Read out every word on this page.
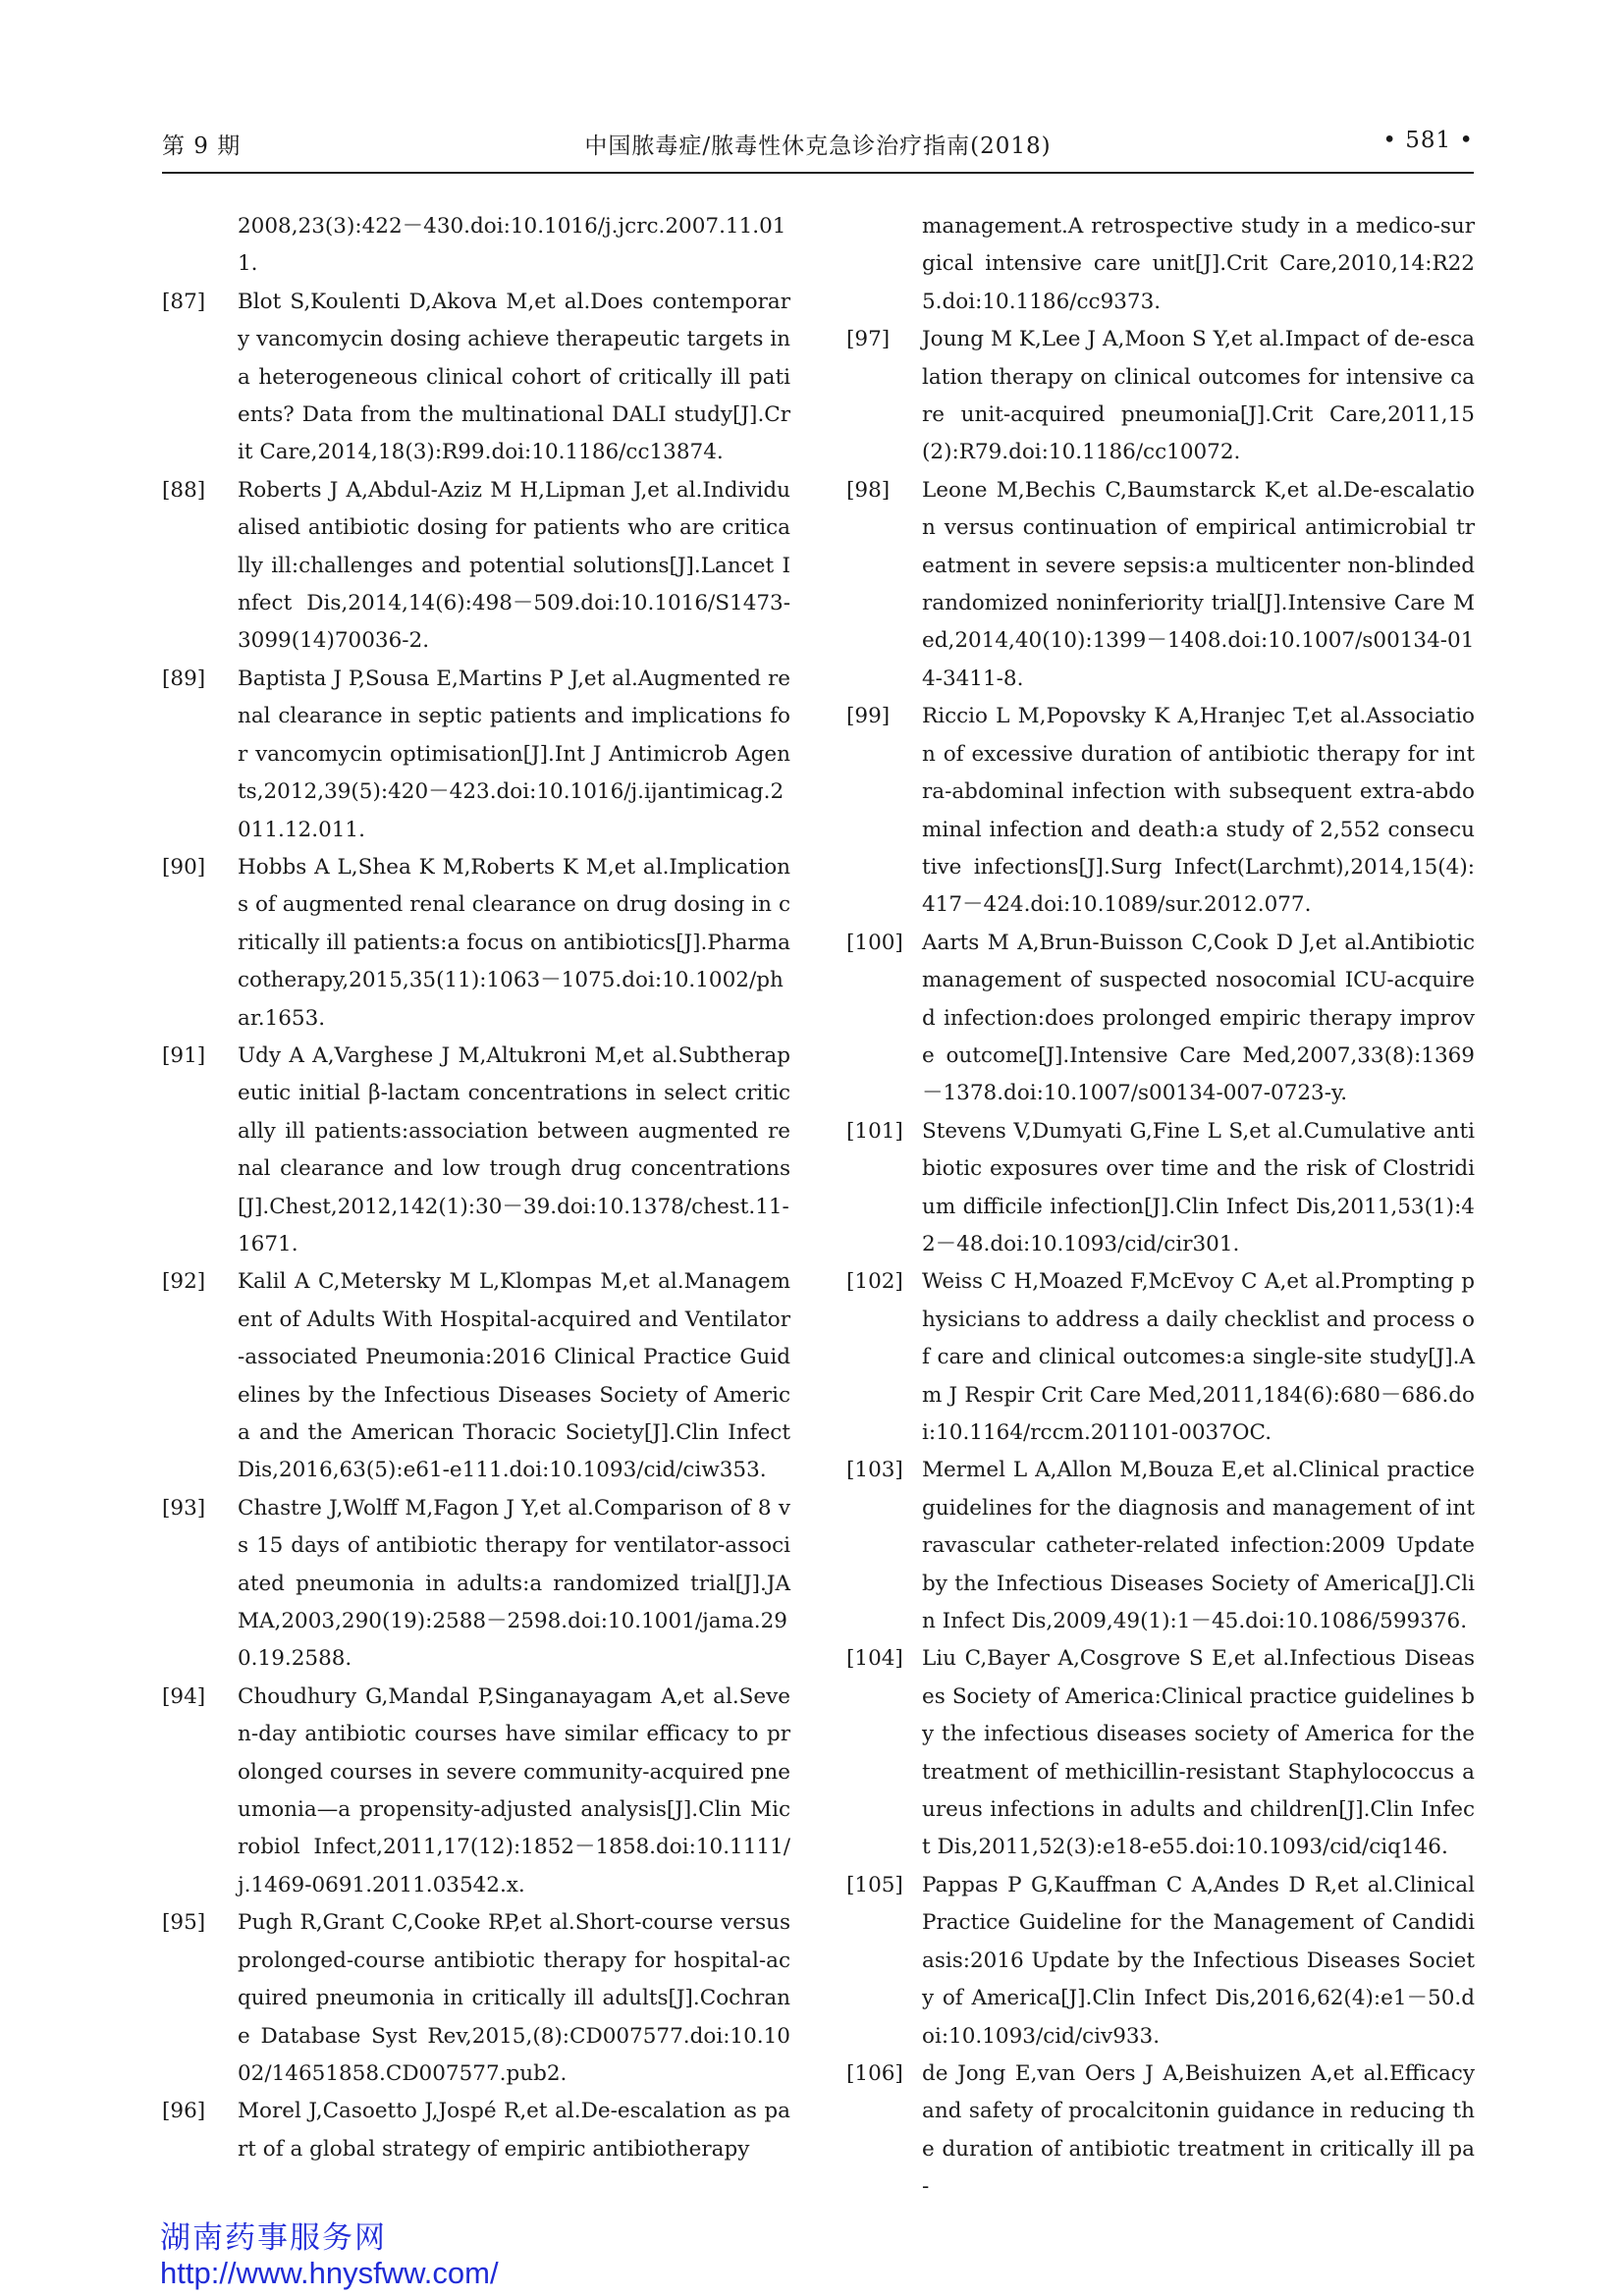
第 9 期	中国脓毒症/脓毒性休克急诊治疗指南(2018)	• 581 •
2008,23(3):422－430.doi:10.1016/j.jcrc.2007.11.011.
[87]	Blot S,Koulenti D,Akova M,et al.Does contemporary vancomycin dosing achieve therapeutic targets in a heterogeneous clinical cohort of critically ill patients? Data from the multinational DALI study[J].Crit Care,2014,18(3):R99.doi:10.1186/cc13874.
[88]	Roberts J A,Abdul-Aziz M H,Lipman J,et al.Individualised antibiotic dosing for patients who are critically ill:challenges and potential solutions[J].Lancet Infect Dis,2014,14(6):498－509.doi:10.1016/S1473-3099(14)70036-2.
[89]	Baptista J P,Sousa E,Martins P J,et al.Augmented renal clearance in septic patients and implications for vancomycin optimisation[J].Int J Antimicrob Agents,2012,39(5):420－423.doi:10.1016/j.ijantimicag.2011.12.011.
[90]	Hobbs A L,Shea K M,Roberts K M,et al.Implications of augmented renal clearance on drug dosing in critically ill patients:a focus on antibiotics[J].Pharmacotherapy,2015,35(11):1063－1075.doi:10.1002/phar.1653.
[91]	Udy A A,Varghese J M,Altukroni M,et al.Subtherapeutic initial β-lactam concentrations in select critically ill patients:association between augmented renal clearance and low trough drug concentrations[J].Chest,2012,142(1):30－39.doi:10.1378/chest.11-1671.
[92]	Kalil A C,Metersky M L,Klompas M,et al.Management of Adults With Hospital-acquired and Ventilator-associated Pneumonia:2016 Clinical Practice Guidelines by the Infectious Diseases Society of America and the American Thoracic Society[J].Clin Infect Dis,2016,63(5):e61-e111.doi:10.1093/cid/ciw353.
[93]	Chastre J,Wolff M,Fagon J Y,et al.Comparison of 8 vs 15 days of antibiotic therapy for ventilator-associated pneumonia in adults:a randomized trial[J].JAMA,2003,290(19):2588－2598.doi:10.1001/jama.290.19.2588.
[94]	Choudhury G,Mandal P,Singanayagam A,et al.Seven-day antibiotic courses have similar efficacy to prolonged courses in severe community-acquired pneumonia—a propensity-adjusted analysis[J].Clin Microbiol Infect,2011,17(12):1852－1858.doi:10.1111/j.1469-0691.2011.03542.x.
[95]	Pugh R,Grant C,Cooke RP,et al.Short-course versus prolonged-course antibiotic therapy for hospital-acquired pneumonia in critically ill adults[J].Cochrane Database Syst Rev,2015,(8):CD007577.doi:10.1002/14651858.CD007577.pub2.
[96]	Morel J,Casoetto J,Jospé R,et al.De-escalation as part of a global strategy of empiric antibiotherapy
management.A retrospective study in a medico-surgical intensive care unit[J].Crit Care,2010,14:R225.doi:10.1186/cc9373.
[97]	Joung M K,Lee J A,Moon S Y,et al.Impact of de-escalation therapy on clinical outcomes for intensive care unit-acquired pneumonia[J].Crit Care,2011,15(2):R79.doi:10.1186/cc10072.
[98]	Leone M,Bechis C,Baumstarck K,et al.De-escalation versus continuation of empirical antimicrobial treatment in severe sepsis:a multicenter non-blinded randomized noninferiority trial[J].Intensive Care Med,2014,40(10):1399－1408.doi:10.1007/s00134-014-3411-8.
[99]	Riccio L M,Popovsky K A,Hranjec T,et al.Association of excessive duration of antibiotic therapy for intra-abdominal infection with subsequent extra-abdominal infection and death:a study of 2,552 consecutive infections[J].Surg Infect(Larchmt),2014,15(4):417－424.doi:10.1089/sur.2012.077.
[100] Aarts M A,Brun-Buisson C,Cook D J,et al.Antibiotic management of suspected nosocomial ICU-acquired infection:does prolonged empiric therapy improve outcome[J].Intensive Care Med,2007,33(8):1369－1378.doi:10.1007/s00134-007-0723-y.
[101] Stevens V,Dumyati G,Fine L S,et al.Cumulative antibiotic exposures over time and the risk of Clostridium difficile infection[J].Clin Infect Dis,2011,53(1):42－48.doi:10.1093/cid/cir301.
[102] Weiss C H,Moazed F,McEvoy C A,et al.Prompting physicians to address a daily checklist and process of care and clinical outcomes:a single-site study[J].Am J Respir Crit Care Med,2011,184(6):680－686.doi:10.1164/rccm.201101-0037OC.
[103] Mermel L A,Allon M,Bouza E,et al.Clinical practice guidelines for the diagnosis and management of intravascular catheter-related infection:2009 Update by the Infectious Diseases Society of America[J].Clin Infect Dis,2009,49(1):1－45.doi:10.1086/599376.
[104] Liu C,Bayer A,Cosgrove S E,et al.Infectious Diseases Society of America:Clinical practice guidelines by the infectious diseases society of America for the treatment of methicillin-resistant Staphylococcus aureus infections in adults and children[J].Clin Infect Dis,2011,52(3):e18-e55.doi:10.1093/cid/ciq146.
[105] Pappas P G,Kauffman C A,Andes D R,et al.Clinical Practice Guideline for the Management of Candidiasis:2016 Update by the Infectious Diseases Society of America[J].Clin Infect Dis,2016,62(4):e1－50.doi:10.1093/cid/civ933.
[106] de Jong E,van Oers J A,Beishuizen A,et al.Efficacy and safety of procalcitonin guidance in reducing the duration of antibiotic treatment in critically ill pa-
湖南药事服务网
http://www.hnysfww.com/
